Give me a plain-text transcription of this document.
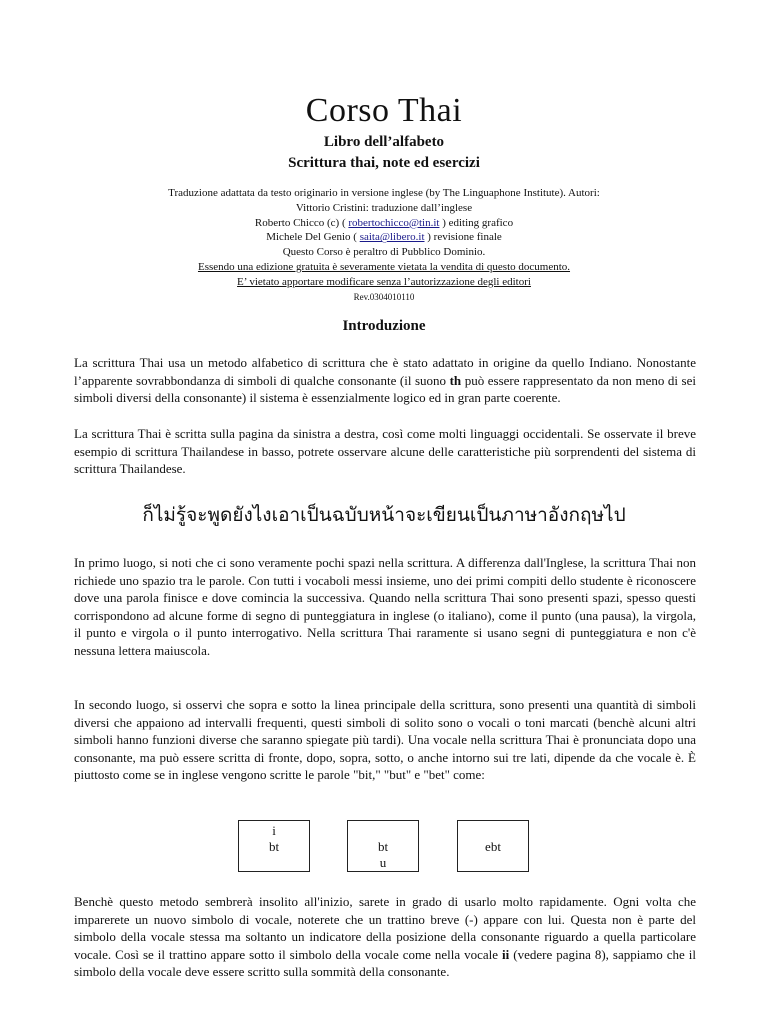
Corso Thai
Libro dell’alfabeto
Scrittura thai, note ed esercizi
Traduzione adattata da testo originario in versione inglese (by The Linguaphone Institute). Autori:
Vittorio Cristini: traduzione dall’inglese
Roberto Chicco (c) ( robertochicco@tin.it ) editing grafico
Michele Del Genio ( saita@libero.it ) revisione finale
Questo Corso è peraltro di Pubblico Dominio.
Essendo una edizione gratuita è severamente vietata la vendita di questo documento.
E’ vietato apportare modificare senza l’autorizzazione degli editori
Rev.0304010110
Introduzione

La scrittura Thai usa un metodo alfabetico di scrittura che è stato adattato in origine da quello Indiano. Nonostante l’apparente sovrabbondanza di simboli di qualche consonante (il suono th può essere rappresentato da non meno di sei simboli diversi della consonante) il sistema è essenzialmente logico ed in gran parte coerente.

La scrittura Thai è scritta sulla pagina da sinistra a destra, così come molti linguaggi occidentali. Se osservate il breve esempio di scrittura Thailandese in basso, potrete osservare alcune delle caratteristiche più sorprendenti del sistema di scrittura Thailandese.

ก็ไม่รู้จะพูดยังไงเอาเป็นฉบับหน้าจะเขียนเป็นภาษาอังกฤษไป

In primo luogo, si noti che ci sono veramente pochi spazi nella scrittura. A differenza dall'Inglese, la scrittura Thai non richiede uno spazio tra le parole. Con tutti i vocaboli messi insieme, uno dei primi compiti dello studente è riconoscere dove una parola finisce e dove comincia la successiva. Quando nella scrittura Thai sono presenti spazi, spesso questi corrispondono ad alcune forme di segno di punteggiatura in inglese (o italiano), come il punto (una pausa), la virgola, il punto e virgola o il punto interrogativo. Nella scrittura Thai raramente si usano segni di punteggiatura e non c'è nessuna lettera maiuscola.

In secondo luogo, si osservi che sopra e sotto la linea principale della scrittura, sono presenti una quantità di simboli diversi che appaiono ad intervalli frequenti, questi simboli di solito sono o vocali o toni marcati (benchè alcuni altri simboli hanno funzioni diverse che saranno spiegate più tardi). Una vocale nella scrittura Thai è pronunciata dopo una consonante, ma può essere scritta di fronte, dopo, sopra, sotto, o anche intorno sui tre lati, dipende da che vocale è. È piuttosto come se in inglese vengono scritte le parole "bit," "but" e "bet" come:

i
bt	bt
u
ebt

Benchè questo metodo sembrerà insolito all'inizio, sarete in grado di usarlo molto rapidamente. Ogni volta che imparerete un nuovo simbolo di vocale, noterete che un trattino breve (-) appare con lui. Questa non è parte del simbolo della vocale stessa ma soltanto un indicatore della posizione della consonante riguardo a quella particolare vocale. Così se il trattino appare sotto il simbolo della vocale come nella vocale ii (vedere pagina 8), sappiamo che il simbolo della vocale deve essere scritto sulla sommità della consonante.
